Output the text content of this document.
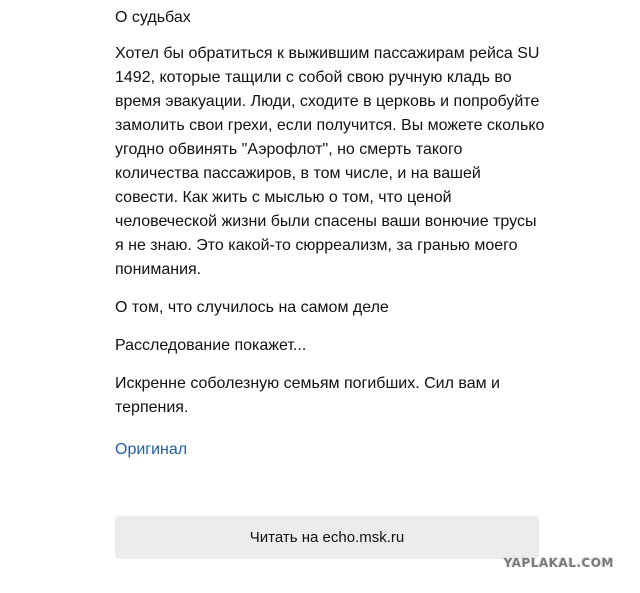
О судьбах
Хотел бы обратиться к выжившим пассажирам рейса SU 1492, которые тащили с собой свою ручную кладь во время эвакуации. Люди, сходите в церковь и попробуйте замолить свои грехи, если получится. Вы можете сколько угодно обвинять "Аэрофлот", но смерть такого количества пассажиров, в том числе, и на вашей совести. Как жить с мыслью о том, что ценой человеческой жизни были спасены ваши вонючие трусы я не знаю. Это какой-то сюрреализм, за гранью моего понимания.
О том, что случилось на самом деле
Расследование покажет...
Искренне соболезную семьям погибших. Сил вам и терпения.
Оригинал
Читать на echo.msk.ru
YAPLAKAL.COM
